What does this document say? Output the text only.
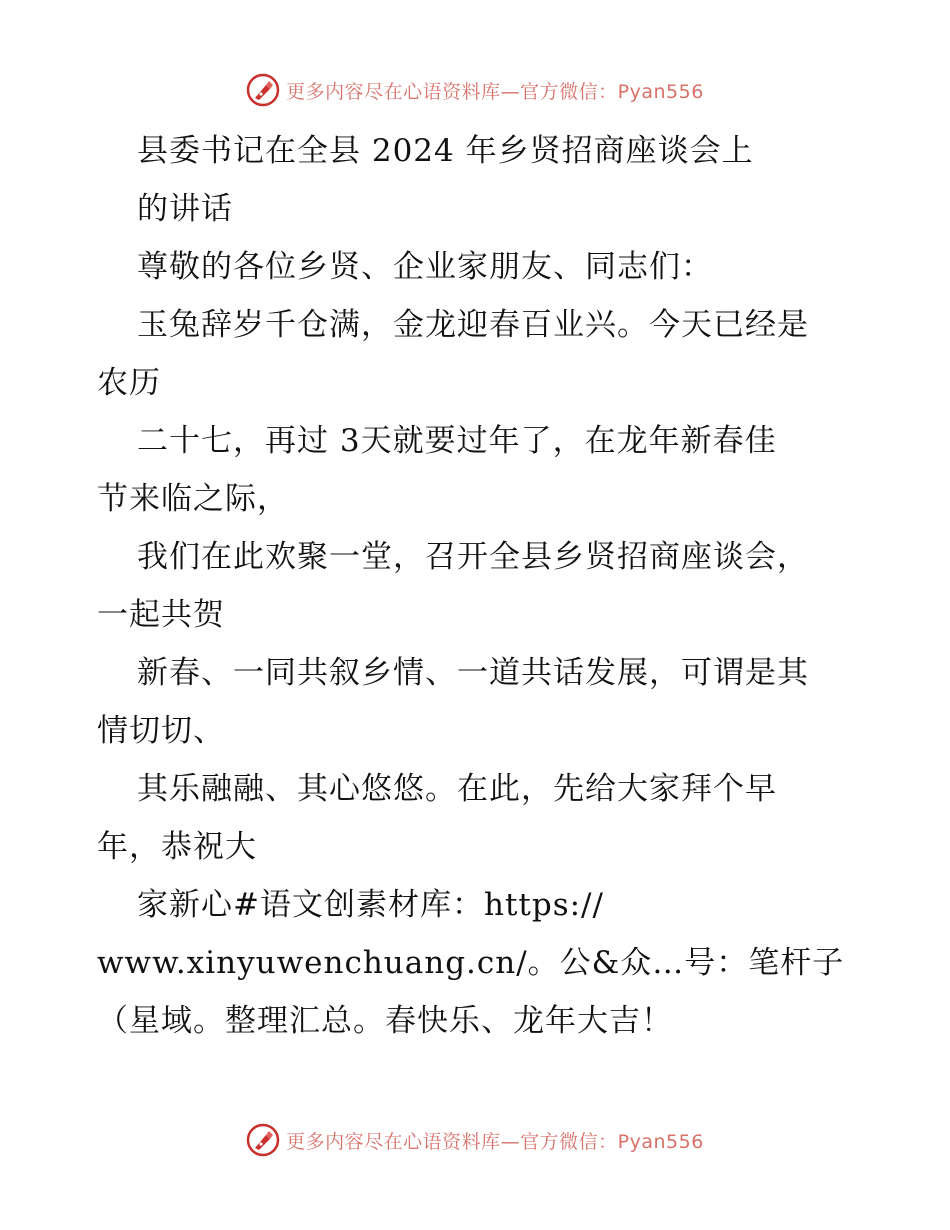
更多内容尽在心语资料库—官方微信：Pyan556
县委书记在全县 2024 年乡贤招商座谈会上
的讲话
尊敬的各位乡贤、企业家朋友、同志们：
玉兔辞岁千仓满，金龙迎春百业兴。今天已经是
农历
二十七，再过 3天就要过年了，在龙年新春佳
节来临之际，
我们在此欢聚一堂，召开全县乡贤招商座谈会，
一起共贺
新春、一同共叙乡情、一道共话发展，可谓是其
情切切、
其乐融融、其心悠悠。在此，先给大家拜个早
年，恭祝大
家新心#语文创素材库：https://
www.xinyuwenchuang.cn/。公&众…号：笔杆子
（星域。整理汇总。春快乐、龙年大吉！
更多内容尽在心语资料库—官方微信：Pyan556
